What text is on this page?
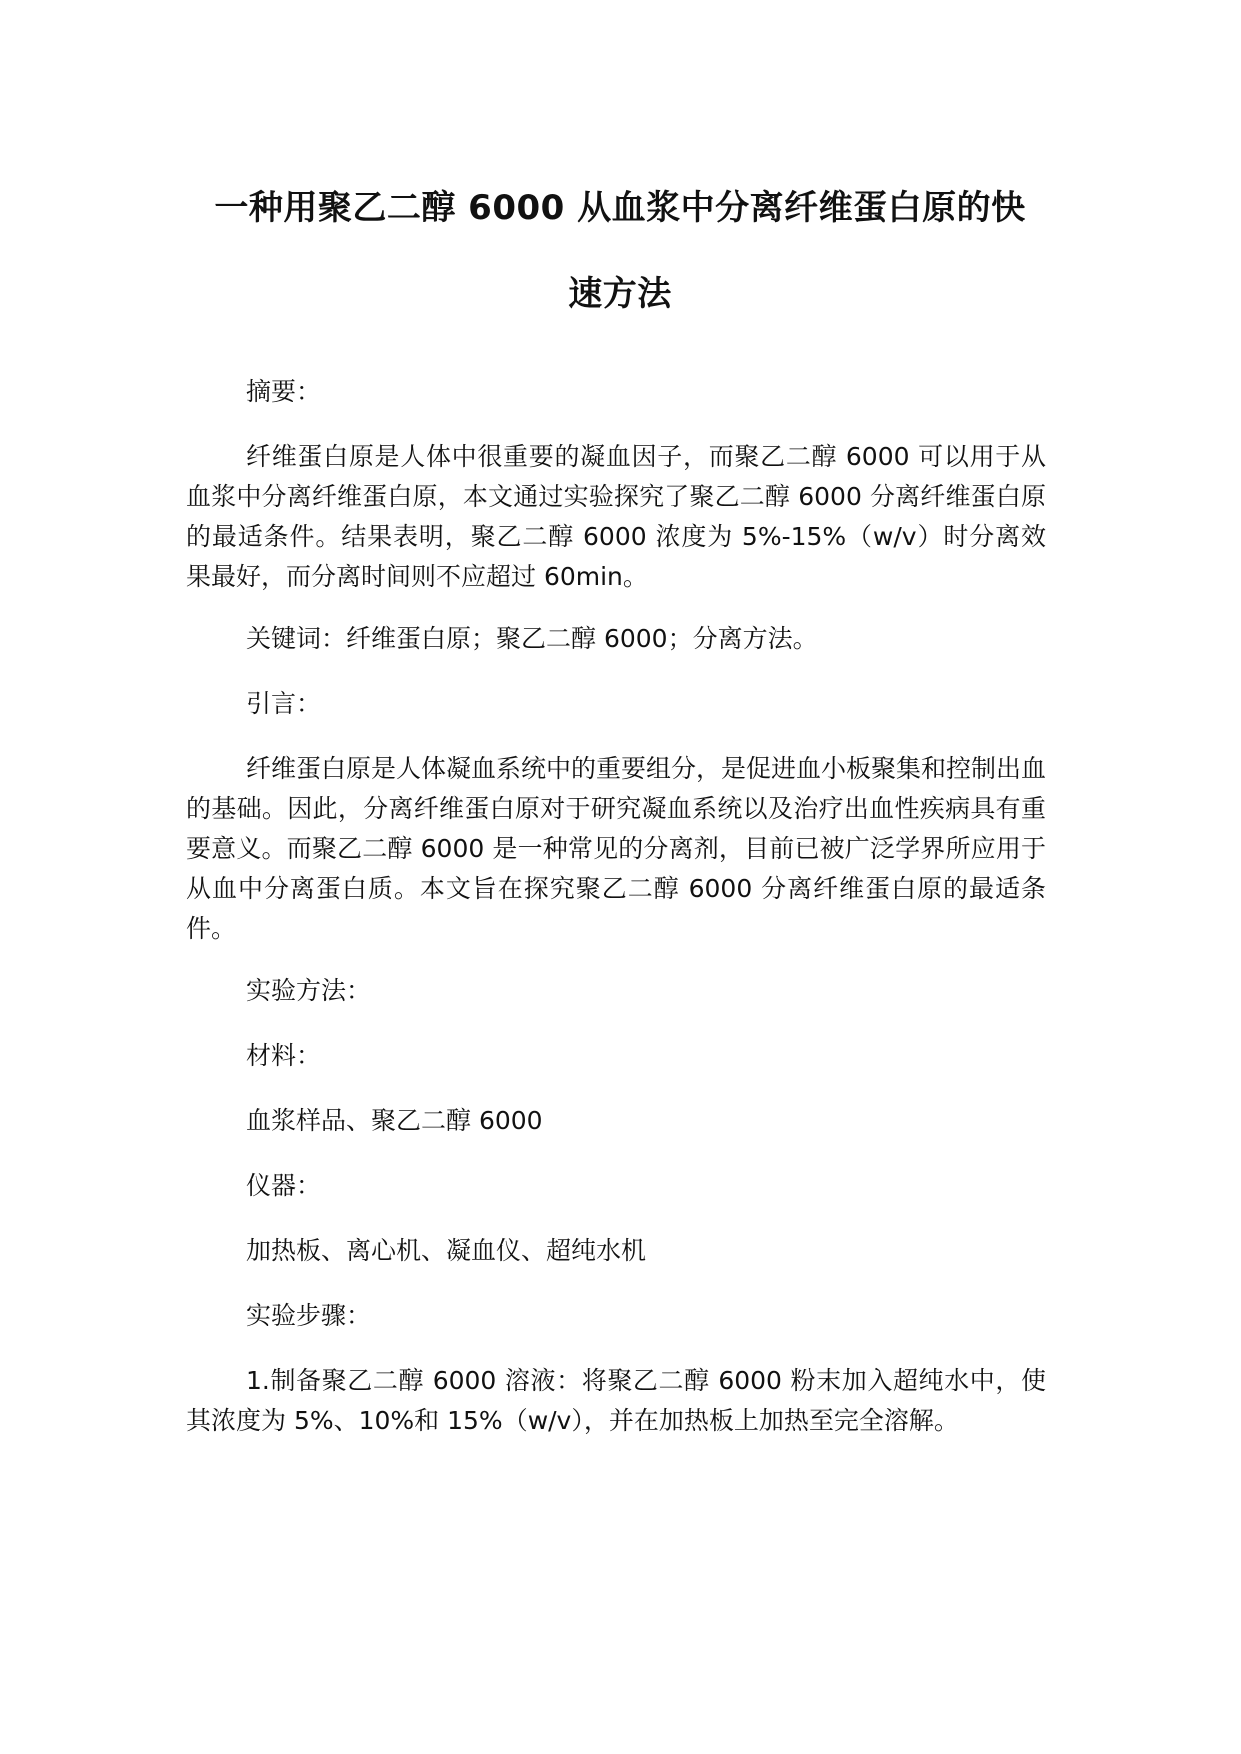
一种用聚乙二醇 6000 从血浆中分离纤维蛋白原的快
速方法

摘要：

纤维蛋白原是人体中很重要的凝血因子，而聚乙二醇 6000 可以用于从血浆中分离纤维蛋白原，本文通过实验探究了聚乙二醇 6000 分离纤维蛋白原的最适条件。结果表明，聚乙二醇 6000 浓度为 5%-15%（w/v）时分离效果最好，而分离时间则不应超过 60min。

关键词：纤维蛋白原；聚乙二醇 6000；分离方法。

引言：

纤维蛋白原是人体凝血系统中的重要组分，是促进血小板聚集和控制出血的基础。因此，分离纤维蛋白原对于研究凝血系统以及治疗出血性疾病具有重要意义。而聚乙二醇 6000 是一种常见的分离剂，目前已被广泛学界所应用于从血中分离蛋白质。本文旨在探究聚乙二醇 6000 分离纤维蛋白原的最适条件。

实验方法：

材料：

血浆样品、聚乙二醇 6000

仪器：

加热板、离心机、凝血仪、超纯水机

实验步骤：

1.制备聚乙二醇 6000 溶液：将聚乙二醇 6000 粉末加入超纯水中，使其浓度为 5%、10%和 15%（w/v），并在加热板上加热至完全溶解。
